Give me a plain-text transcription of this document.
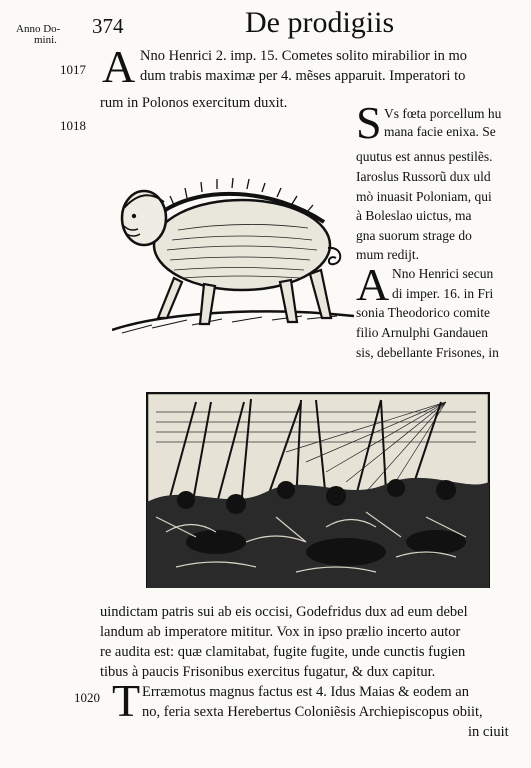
Anno Do-
mini.
374	De prodigiis
1017 A Nno Henrici 2. imp. 15. Cometes solito mirabilior in mo
dum trabis maximæ per 4. mẽses apparuit. Imperatori to
rum in Polonos exercitum duxit.
1018	S Vs fœta porcellum hu
mana facie enixa. Se
quutus est annus pestilẽs.
Iaroslus Russorũ dux uld
mò inuasit Poloniam, qui
à Boleslao uictus, ma
gna suorum strage do
mum redijt.
A Nno Henrici secun
di imper. 16. in Fri
sonia Theodorico comite
filio Arnulphi Gandauen
sis, debellante Frisones, in
uindictam patris sui ab eis occisi, Godefridus dux ad eum debel
landum ab imperatore mititur. Vox in ipso prælio incerto autor
re audita est: quæ clamitabat, fugite fugite, unde cunctis fugien
tibus à paucis Frisonibus exercitus fugatur, & dux capitur.
1020 T Erræmotus magnus factus est 4. Idus Maias & eodem an
no, feria sexta Herebertus Coloniẽsis Archiepiscopus obiit,
in ciuit
